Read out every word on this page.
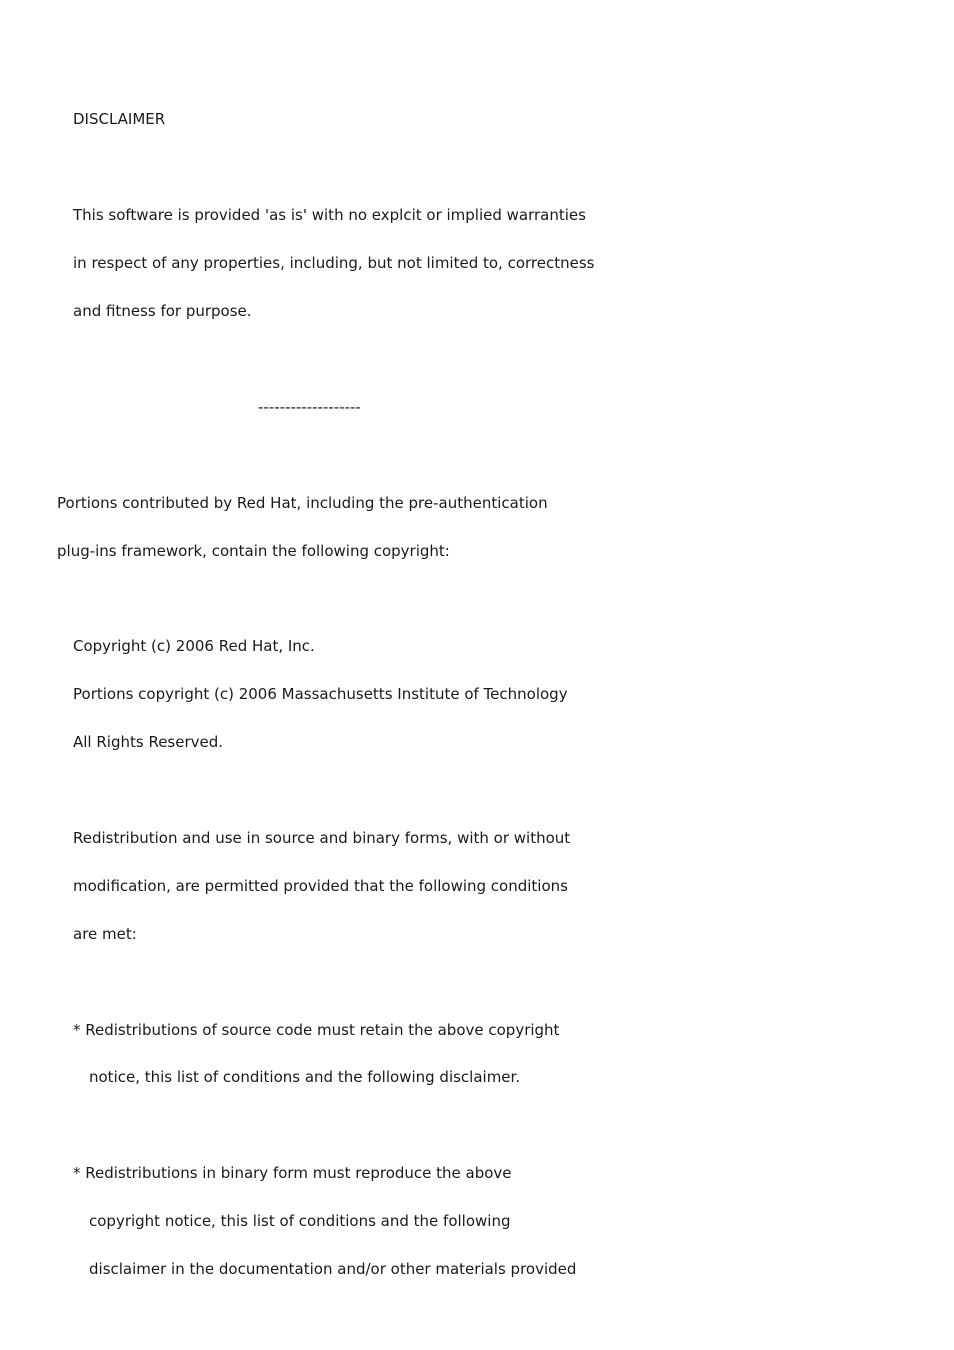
DISCLAIMER

This software is provided 'as is' with no explcit or implied warranties

in respect of any properties, including, but not limited to, correctness

and fitness for purpose.

-------------------

Portions contributed by Red Hat, including the pre-authentication

plug-ins framework, contain the following copyright:

Copyright (c) 2006 Red Hat, Inc.

Portions copyright (c) 2006 Massachusetts Institute of Technology

All Rights Reserved.

Redistribution and use in source and binary forms, with or without

modification, are permitted provided that the following conditions

are met:

* Redistributions of source code must retain the above copyright

notice, this list of conditions and the following disclaimer.

* Redistributions in binary form must reproduce the above

copyright notice, this list of conditions and the following

disclaimer in the documentation and/or other materials provided
